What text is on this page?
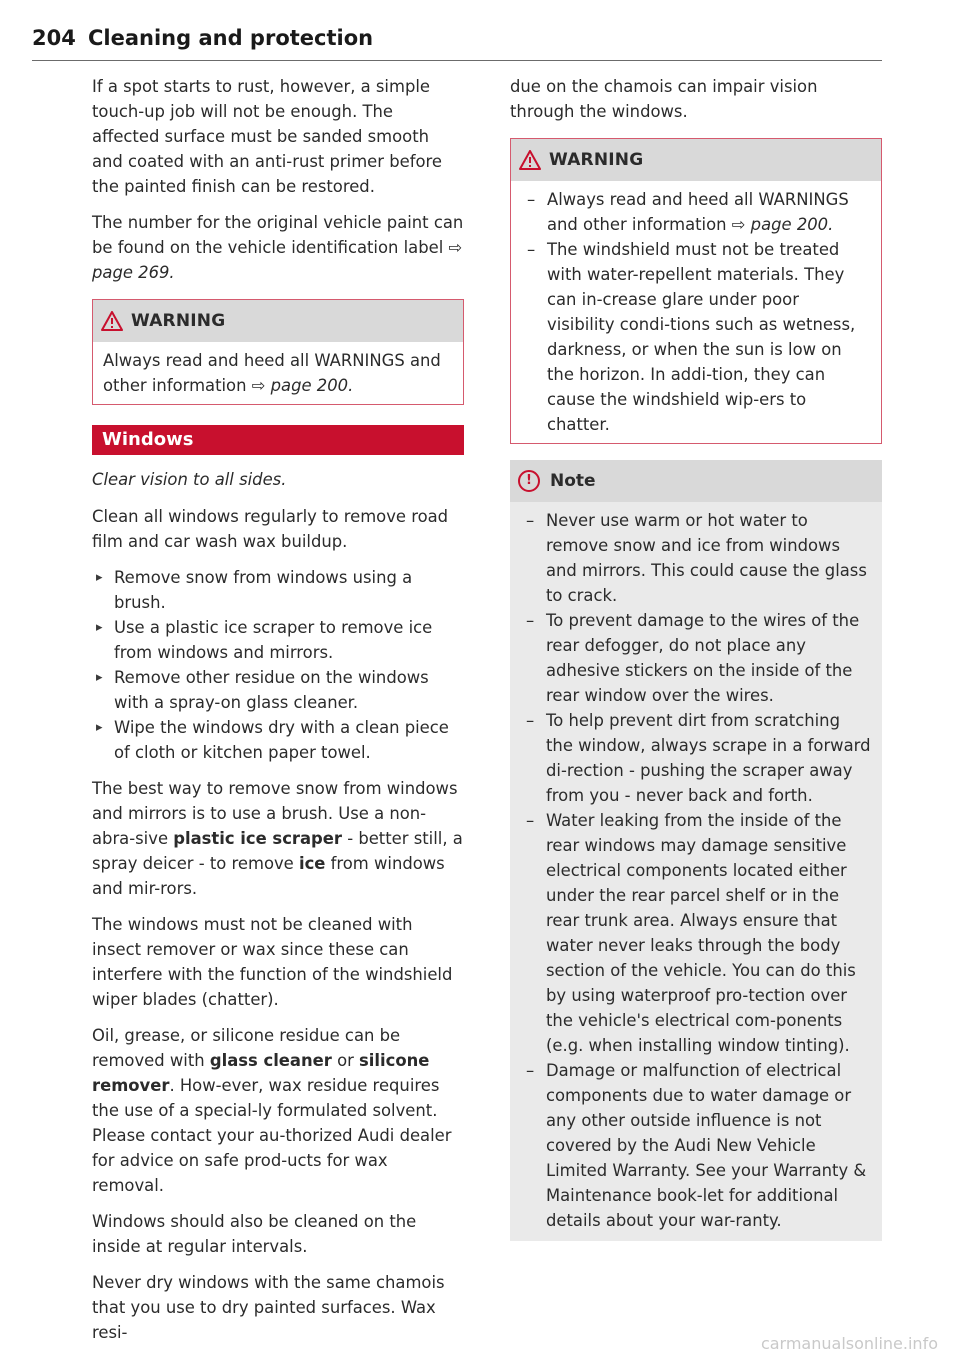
204 Cleaning and protection

If a spot starts to rust, however, a simple touch-up job will not be enough. The affected surface must be sanded smooth and coated with an anti-rust primer before the painted finish can be restored.

The number for the original vehicle paint can be found on the vehicle identification label ⇨ page 269.

WARNING

Always read and heed all WARNINGS and other information ⇨ page 200.

Windows

Clear vision to all sides.

Clean all windows regularly to remove road film and car wash wax buildup.

▸ Remove snow from windows using a brush.
▸ Use a plastic ice scraper to remove ice from windows and mirrors.
▸ Remove other residue on the windows with a spray-on glass cleaner.
▸ Wipe the windows dry with a clean piece of cloth or kitchen paper towel.

The best way to remove snow from windows and mirrors is to use a brush. Use a non-abra-sive plastic ice scraper - better still, a spray deicer - to remove ice from windows and mir-rors.

The windows must not be cleaned with insect remover or wax since these can interfere with the function of the windshield wiper blades (chatter).

Oil, grease, or silicone residue can be removed with glass cleaner or silicone remover. How-ever, wax residue requires the use of a special-ly formulated solvent. Please contact your au-thorized Audi dealer for advice on safe prod-ucts for wax removal.

Windows should also be cleaned on the inside at regular intervals.

Never dry windows with the same chamois that you use to dry painted surfaces. Wax resi-

due on the chamois can impair vision through the windows.

WARNING
– Always read and heed all WARNINGS and other information ⇨ page 200.
– The windshield must not be treated with water-repellent materials. They can in-crease glare under poor visibility condi-tions such as wetness, darkness, or when the sun is low on the horizon. In addi-tion, they can cause the windshield wip-ers to chatter.
!	Note
– Never use warm or hot water to remove snow and ice from windows and mirrors. This could cause the glass to crack.
– To prevent damage to the wires of the rear defogger, do not place any adhesive stickers on the inside of the rear window over the wires.
– To help prevent dirt from scratching the window, always scrape in a forward di-rection - pushing the scraper away from you - never back and forth.
– Water leaking from the inside of the rear windows may damage sensitive electrical components located either under the rear parcel shelf or in the rear trunk area. Always ensure that water never leaks through the body section of the vehicle. You can do this by using waterproof pro-tection over the vehicle's electrical com-ponents (e.g. when installing window tinting).
– Damage or malfunction of electrical components due to water damage or any other outside influence is not covered by the Audi New Vehicle Limited Warranty. See your Warranty & Maintenance book-let for additional details about your war-ranty.
carmanualsonline.info
